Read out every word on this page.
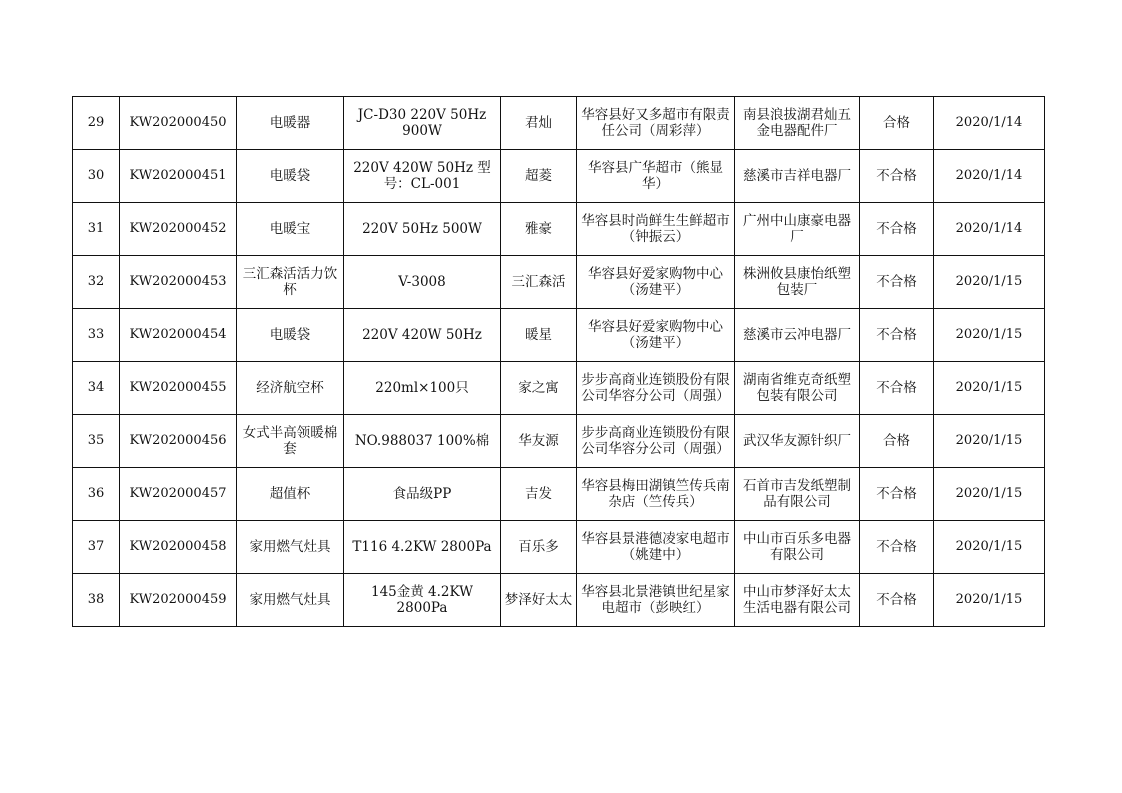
29	KW202000450	电暖器	JC-D30 220V 50Hz 900W	君灿	华容县好又多超市有限责任公司（周彩萍）	南县浪拔湖君灿五金电器配件厂	合格	2020/1/14
30	KW202000451	电暖袋	220V 420W 50Hz 型号：CL-001	超菱	华容县广华超市（熊显华）	慈溪市吉祥电器厂	不合格	2020/1/14
31	KW202000452	电暖宝	220V 50Hz 500W	雅豪	华容县时尚鲜生生鲜超市（钟振云）	广州中山康豪电器厂	不合格	2020/1/14
32	KW202000453	三汇森活活力饮杯	V-3008	三汇森活	华容县好爱家购物中心（汤建平）	株洲攸县康怡纸塑包装厂	不合格	2020/1/15
33	KW202000454	电暖袋	220V 420W 50Hz	暖星	华容县好爱家购物中心（汤建平）	慈溪市云冲电器厂	不合格	2020/1/15
34	KW202000455	经济航空杯	220ml×100只	家之寓	步步高商业连锁股份有限公司华容分公司（周强）	湖南省维克奇纸塑包装有限公司	不合格	2020/1/15
35	KW202000456	女式半高领暖棉套	NO.988037 100%棉	华友源	步步高商业连锁股份有限公司华容分公司（周强）	武汉华友源针织厂	合格	2020/1/15
36	KW202000457	超值杯	食品级PP	吉发	华容县梅田湖镇竺传兵南杂店（竺传兵）	石首市吉发纸塑制品有限公司	不合格	2020/1/15
37	KW202000458	家用燃气灶具	T116 4.2KW 2800Pa	百乐多	华容县景港德凌家电超市（姚建中）	中山市百乐多电器有限公司	不合格	2020/1/15
38	KW202000459	家用燃气灶具	145金黄 4.2KW 2800Pa	梦泽好太太	华容县北景港镇世纪星家电超市（彭映红）	中山市梦泽好太太生活电器有限公司	不合格	2020/1/15
